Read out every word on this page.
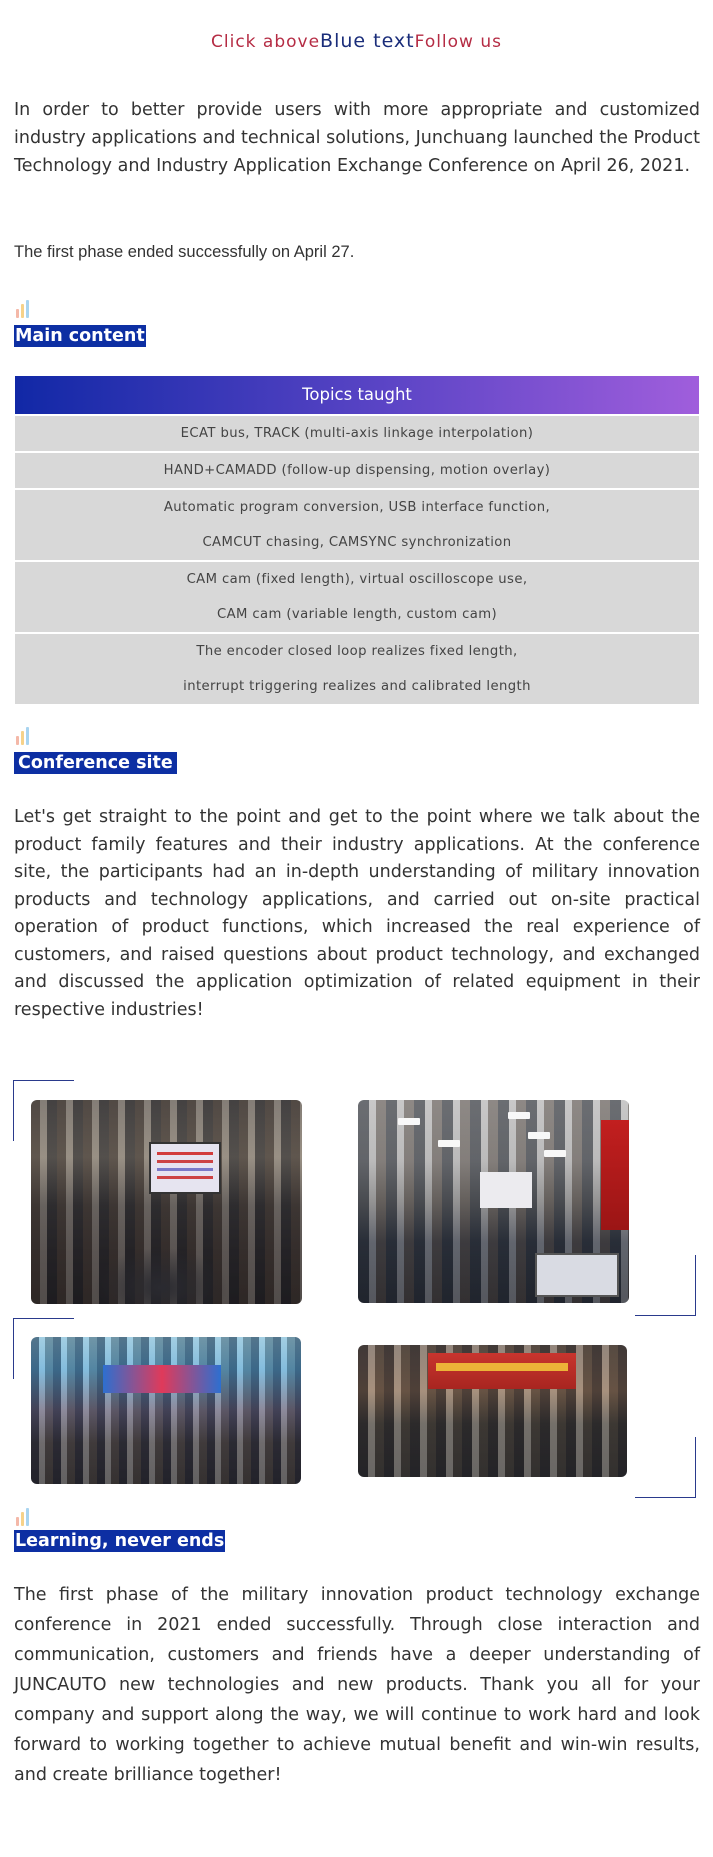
Click aboveBlue textFollow us
In order to better provide users with more appropriate and customized industry applications and technical solutions, Junchuang launched the Product Technology and Industry Application Exchange Conference on April 26, 2021.
The first phase ended successfully on April 27.
Main content
Topics taught
ECAT bus, TRACK (multi-axis linkage interpolation)
HAND+CAMADD (follow-up dispensing, motion overlay)
Automatic program conversion, USB interface function,
CAMCUT chasing, CAMSYNC synchronization
CAM cam (fixed length), virtual oscilloscope use,
CAM cam (variable length, custom cam)
The encoder closed loop realizes fixed length,
interrupt triggering realizes and calibrated length
Conference site
Let's get straight to the point and get to the point where we talk about the product family features and their industry applications. At the conference site, the participants had an in-depth understanding of military innovation products and technology applications, and carried out on-site practical operation of product functions, which increased the real experience of customers, and raised questions about product technology, and exchanged and discussed the application optimization of related equipment in their respective industries!
Learning, never ends
The first phase of the military innovation product technology exchange conference in 2021 ended successfully. Through close interaction and communication, customers and friends have a deeper understanding of JUNCAUTO new technologies and new products. Thank you all for your company and support along the way, we will continue to work hard and look forward to working together to achieve mutual benefit and win-win results, and create brilliance together!
